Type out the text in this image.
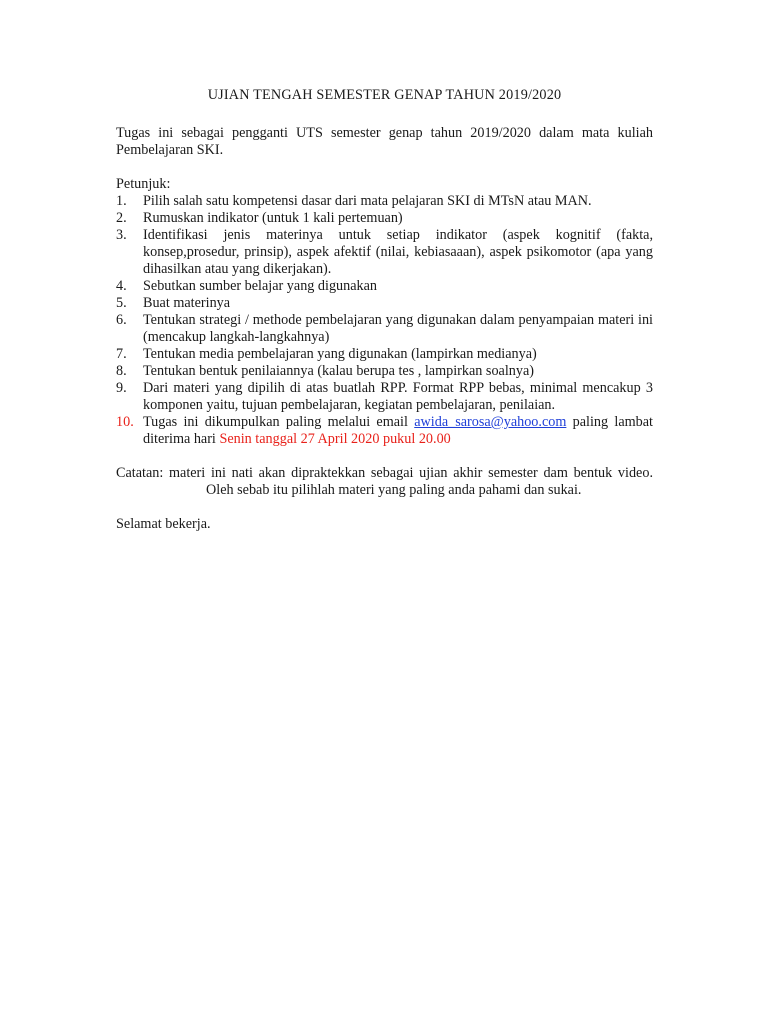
UJIAN TENGAH SEMESTER GENAP TAHUN 2019/2020

Tugas ini sebagai pengganti UTS semester genap tahun 2019/2020 dalam mata kuliah Pembelajaran SKI.

Petunjuk:

1.	Pilih salah satu kompetensi dasar dari mata pelajaran SKI di MTsN atau MAN.
2.	Rumuskan indikator (untuk 1 kali pertemuan)
3.	Identifikasi jenis materinya untuk setiap indikator (aspek kognitif (fakta, konsep,prosedur, prinsip), aspek afektif (nilai, kebiasaaan), aspek psikomotor (apa yang dihasilkan atau yang dikerjakan).
4.	Sebutkan sumber belajar yang digunakan
5.	Buat materinya
6.	Tentukan strategi / methode pembelajaran yang digunakan dalam penyampaian materi ini (mencakup langkah-langkahnya)
7.	Tentukan media pembelajaran yang digunakan (lampirkan medianya)
8.	Tentukan bentuk penilaiannya (kalau berupa tes , lampirkan soalnya)
9.	Dari materi yang dipilih di atas buatlah RPP. Format RPP bebas, minimal mencakup 3 komponen yaitu, tujuan pembelajaran, kegiatan pembelajaran, penilaian.
10. Tugas ini dikumpulkan paling melalui email awida_sarosa@yahoo.com paling lambat diterima hari Senin tanggal 27 April 2020 pukul 20.00

Catatan: materi ini nati akan dipraktekkan sebagai ujian akhir semester dam bentuk video. Oleh sebab itu pilihlah materi yang paling anda pahami dan sukai.

Selamat bekerja.
